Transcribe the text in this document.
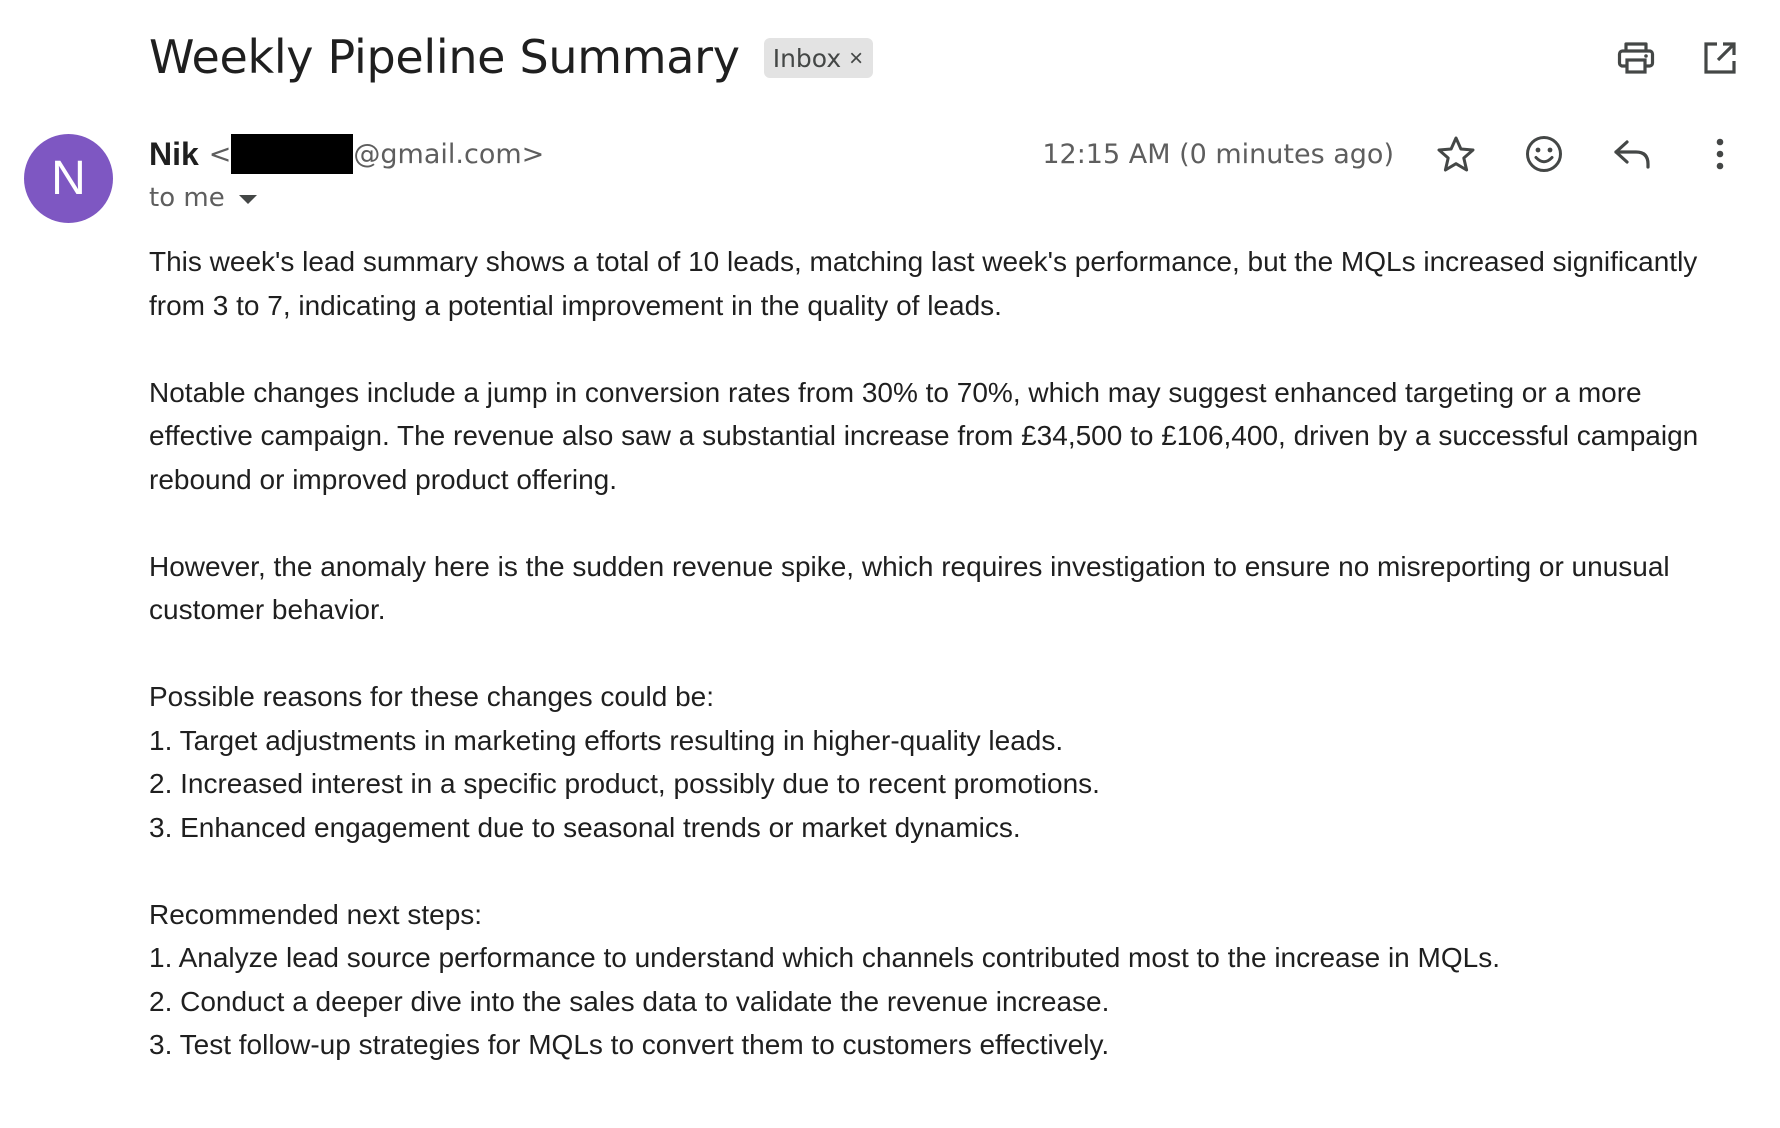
Weekly Pipeline Summary Inbox ×
N	Nik <	@gmail.com>
to me
12:15 AM (0 minutes ago)

This week's lead summary shows a total of 10 leads, matching last week's performance, but the MQLs increased significantly from 3 to 7, indicating a potential improvement in the quality of leads.

Notable changes include a jump in conversion rates from 30% to 70%, which may suggest enhanced targeting or a more effective campaign. The revenue also saw a substantial increase from £34,500 to £106,400, driven by a successful campaign rebound or improved product offering.

However, the anomaly here is the sudden revenue spike, which requires investigation to ensure no misreporting or unusual customer behavior.

Possible reasons for these changes could be:

1. Target adjustments in marketing efforts resulting in higher-quality leads.

2. Increased interest in a specific product, possibly due to recent promotions.

3. Enhanced engagement due to seasonal trends or market dynamics.

Recommended next steps:

1. Analyze lead source performance to understand which channels contributed most to the increase in MQLs.

2. Conduct a deeper dive into the sales data to validate the revenue increase.

3. Test follow-up strategies for MQLs to convert them to customers effectively.
